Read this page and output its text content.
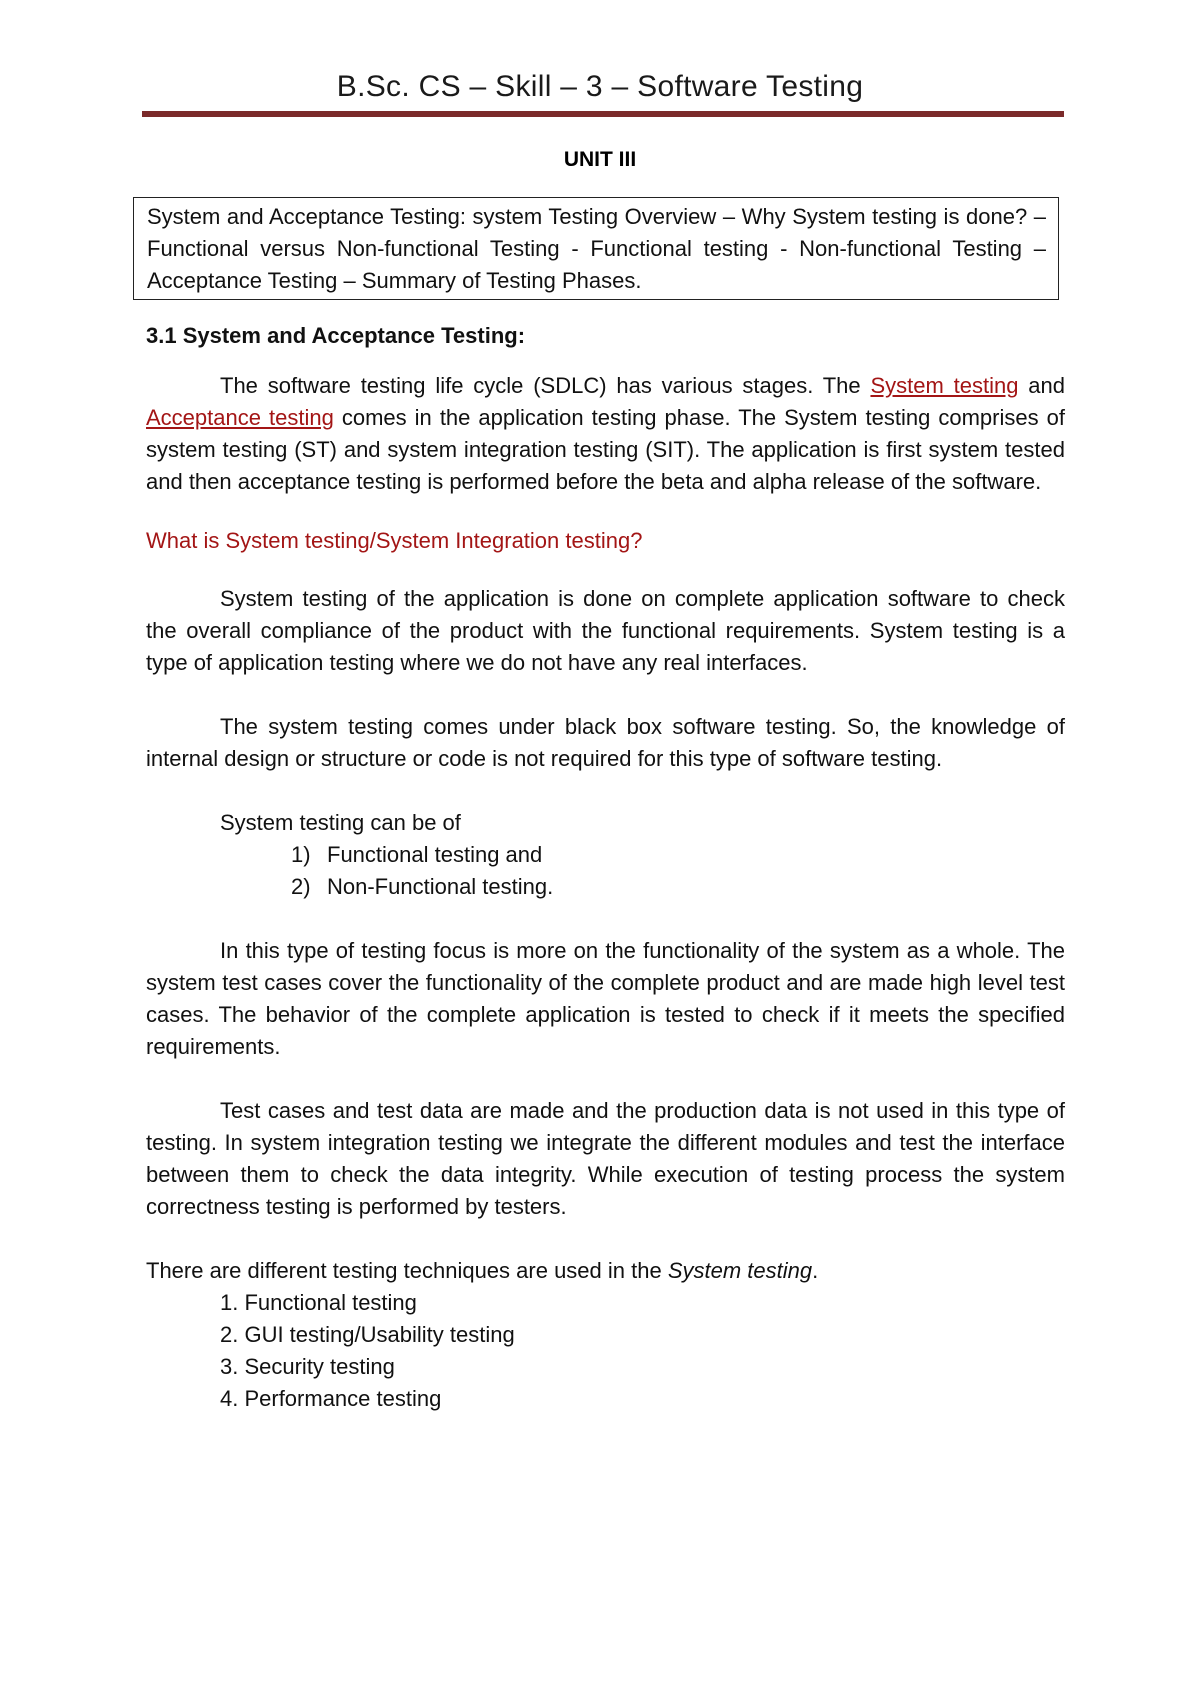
B.Sc. CS – Skill – 3 – Software Testing
UNIT III
System and Acceptance Testing: system Testing Overview – Why System testing is done? – Functional versus Non-functional Testing - Functional testing - Non-functional Testing – Acceptance Testing – Summary of Testing Phases.

3.1 System and Acceptance Testing:

The software testing life cycle (SDLC) has various stages. The System testing and Acceptance testing comes in the application testing phase. The System testing comprises of system testing (ST) and system integration testing (SIT). The application is first system tested and then acceptance testing is performed before the beta and alpha release of the software.

What is System testing/System Integration testing?

System testing of the application is done on complete application software to check the overall compliance of the product with the functional requirements. System testing is a type of application testing where we do not have any real interfaces.

The system testing comes under black box software testing. So, the knowledge of internal design or structure or code is not required for this type of software testing.

System testing can be of

1) Functional testing and
2) Non-Functional testing.

In this type of testing focus is more on the functionality of the system as a whole. The system test cases cover the functionality of the complete product and are made high level test cases. The behavior of the complete application is tested to check if it meets the specified requirements.

Test cases and test data are made and the production data is not used in this type of testing. In system integration testing we integrate the different modules and test the interface between them to check the data integrity. While execution of testing process the system correctness testing is performed by testers.

There are different testing techniques are used in the System testing.

1. Functional testing
2. GUI testing/Usability testing
3. Security testing
4. Performance testing
